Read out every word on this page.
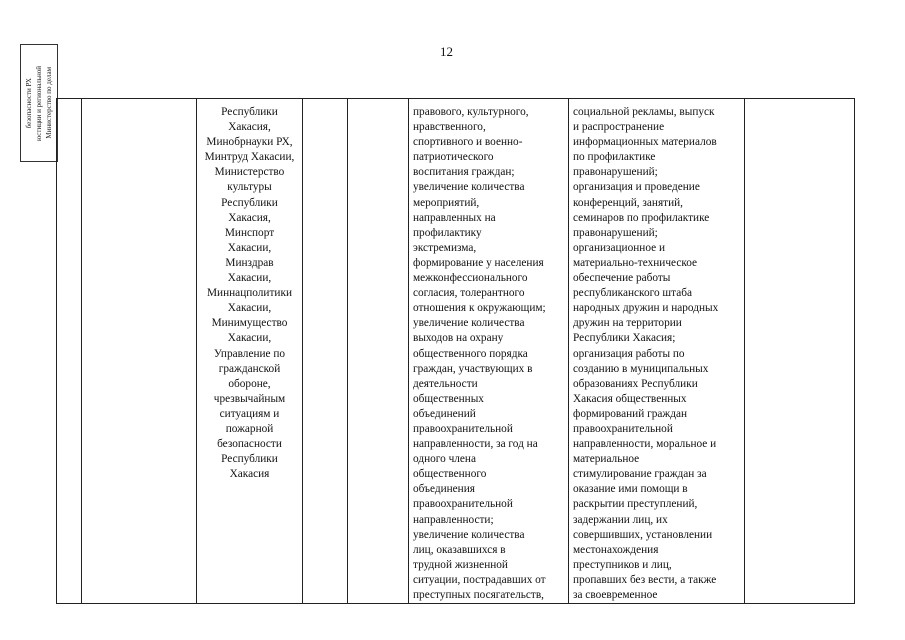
12
Министерство по делам
юстиции и региональной
безопасности РХ
			Республики
Хакасия,
Минобрнауки РХ,
Минтруд Хакасии,
Министерство
культуры
Республики
Хакасия,
Минспорт
Хакасии,
Минздрав
Хакасии,
Миннацполитики
Хакасии,
Минимущество
Хакасии,
Управление по
гражданской
обороне,
чрезвычайным
ситуациям и
пожарной
безопасности
Республики
Хакасия

правового, культурного,
нравственного,
спортивного и военно-
патриотического
воспитания граждан;
увеличение количества
мероприятий,
направленных на
профилактику
экстремизма,
формирование у населения
межконфессионального
согласия, толерантного
отношения к окружающим;
увеличение количества
выходов на охрану
общественного порядка
граждан, участвующих в
деятельности
общественных
объединений
правоохранительной
направленности, за год на
одного члена
общественного
объединения
правоохранительной
направленности;
увеличение количества
лиц, оказавшихся в
трудной жизненной
ситуации, пострадавших от
преступных посягательств,

социальной рекламы, выпуск
и распространение
информационных материалов
по профилактике
правонарушений;
организация и проведение
конференций, занятий,
семинаров по профилактике
правонарушений;
организационное и
материально-техническое
обеспечение работы
республиканского штаба
народных дружин и народных
дружин на территории
Республики Хакасия;
организация работы по
созданию в муниципальных
образованиях Республики
Хакасия общественных
формирований граждан
правоохранительной
направленности, моральное и
материальное
стимулирование граждан за
оказание ими помощи в
раскрытии преступлений,
задержании лиц, их
совершивших, установлении
местонахождения
преступников и лиц,
пропавших без вести, а также
за своевременное
